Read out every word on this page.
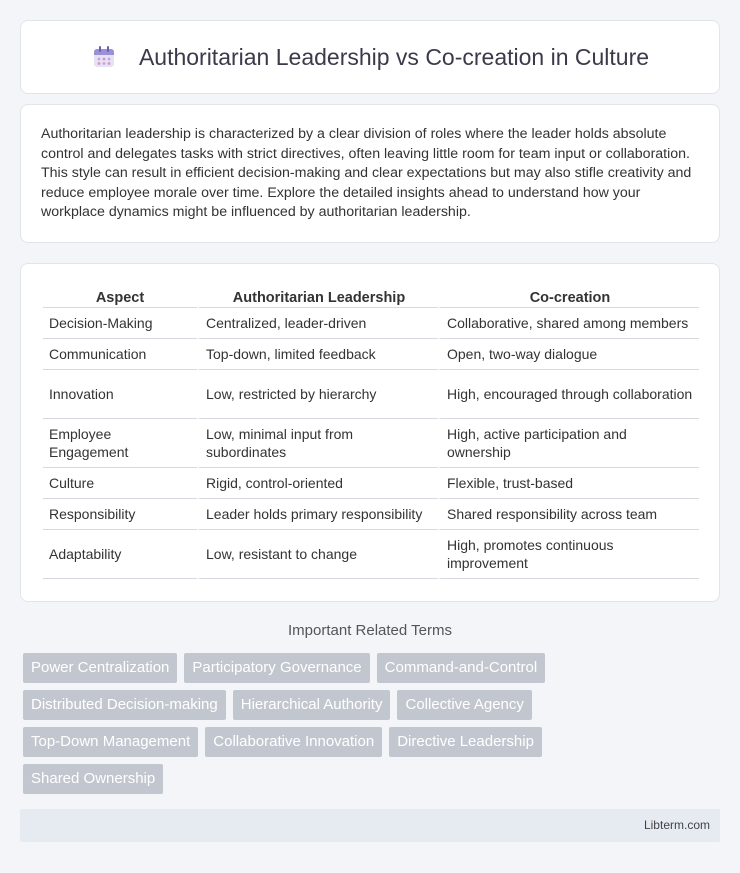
Authoritarian Leadership vs Co-creation in Culture

Authoritarian leadership is characterized by a clear division of roles where the leader holds absolute control and delegates tasks with strict directives, often leaving little room for team input or collaboration. This style can result in efficient decision-making and clear expectations but may also stifle creativity and reduce employee morale over time. Explore the detailed insights ahead to understand how your workplace dynamics might be influenced by authoritarian leadership.

Aspect	Authoritarian Leadership	Co-creation
Decision-Making	Centralized, leader-driven	Collaborative, shared among members
Communication	Top-down, limited feedback	Open, two-way dialogue
Innovation	Low, restricted by hierarchy	High, encouraged through collaboration
Employee Engagement	Low, minimal input from subordinates	High, active participation and ownership
Culture	Rigid, control-oriented	Flexible, trust-based
Responsibility	Leader holds primary responsibility	Shared responsibility across team
Adaptability	Low, resistant to change	High, promotes continuous improvement
Important Related Terms
Power Centralization	Participatory Governance	Command-and-Control
Distributed Decision-making	Hierarchical Authority	Collective Agency
Top-Down Management	Collaborative Innovation	Directive Leadership
Shared Ownership
Libterm.com
